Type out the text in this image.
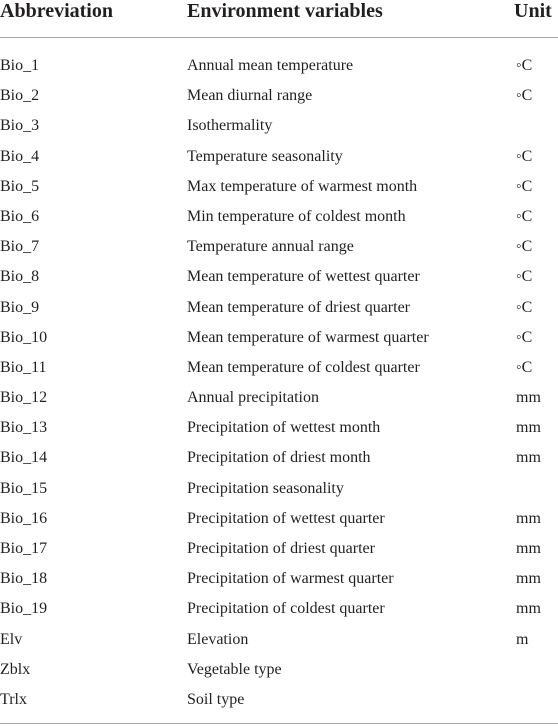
Abbreviation	Environment variables	Unit
Bio_1	Annual mean temperature	◦C
Bio_2	Mean diurnal range	◦C
Bio_3	Isothermality
Bio_4	Temperature seasonality	◦C
Bio_5	Max temperature of warmest month	◦C
Bio_6	Min temperature of coldest month	◦C
Bio_7	Temperature annual range	◦C
Bio_8	Mean temperature of wettest quarter	◦C
Bio_9	Mean temperature of driest quarter	◦C
Bio_10	Mean temperature of warmest quarter	◦C
Bio_11	Mean temperature of coldest quarter	◦C
Bio_12	Annual precipitation	mm
Bio_13	Precipitation of wettest month	mm
Bio_14	Precipitation of driest month	mm
Bio_15	Precipitation seasonality
Bio_16	Precipitation of wettest quarter	mm
Bio_17	Precipitation of driest quarter	mm
Bio_18	Precipitation of warmest quarter	mm
Bio_19	Precipitation of coldest quarter	mm
Elv	Elevation	m
Zblx	Vegetable type
Trlx	Soil type
